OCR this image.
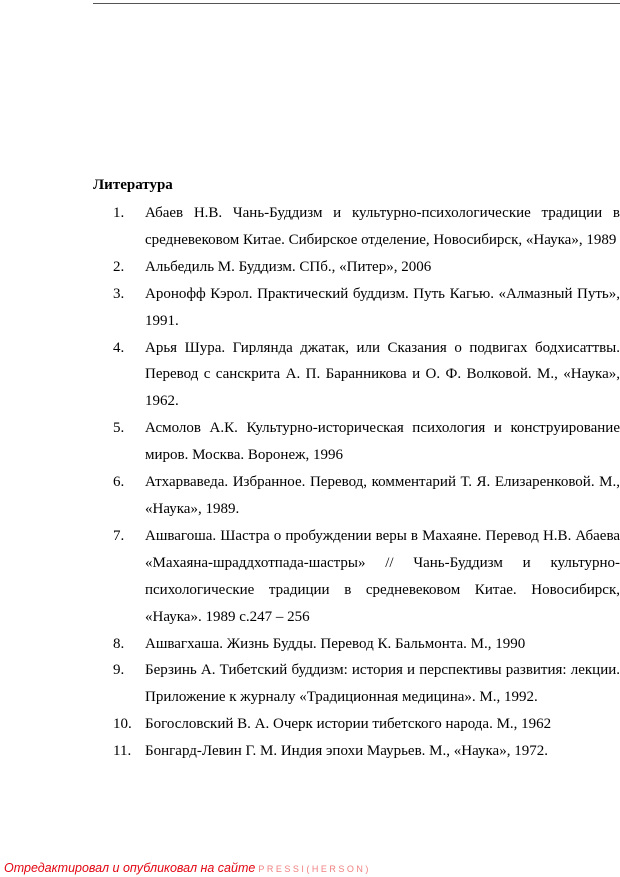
Литература
1. Абаев Н.В. Чань-Буддизм и культурно-психологические традиции в средневековом Китае. Сибирское отделение, Новосибирск, «Наука», 1989
2. Альбедиль М. Буддизм. СПб., «Питер», 2006
3. Аронофф Кэрол. Практический буддизм. Путь Кагью. «Алмазный Путь», 1991.
4. Арья Шура. Гирлянда джатак, или Сказания о подвигах бодхисаттвы. Перевод с санскрита А. П. Баранникова и О. Ф. Волковой. М., «Наука», 1962.
5. Асмолов А.К. Культурно-историческая психология и конструирование миров. Москва. Воронеж, 1996
6. Атхарваведа. Избранное. Перевод, комментарий Т. Я. Елизаренковой. М., «Наука», 1989.
7. Ашвагоша. Шастра о пробуждении веры в Махаяне. Перевод Н.В. Абаева «Махаяна-шраддхотпада-шастры» // Чань-Буддизм и культурно-психологические традиции в средневековом Китае. Новосибирск, «Наука». 1989 с.247 – 256
8. Ашвагхаша. Жизнь Будды. Перевод К. Бальмонта. М., 1990
9. Берзинь А. Тибетский буддизм: история и перспективы развития: лекции. Приложение к журналу «Традиционная медицина». М., 1992.
10. Богословский В. А. Очерк истории тибетского народа. М., 1962
11. Бонгард-Левин Г. М. Индия эпохи Маурьев. М., «Наука», 1972.
Отредактировал и опубликовал на сайте PRESSI(HERSON)
